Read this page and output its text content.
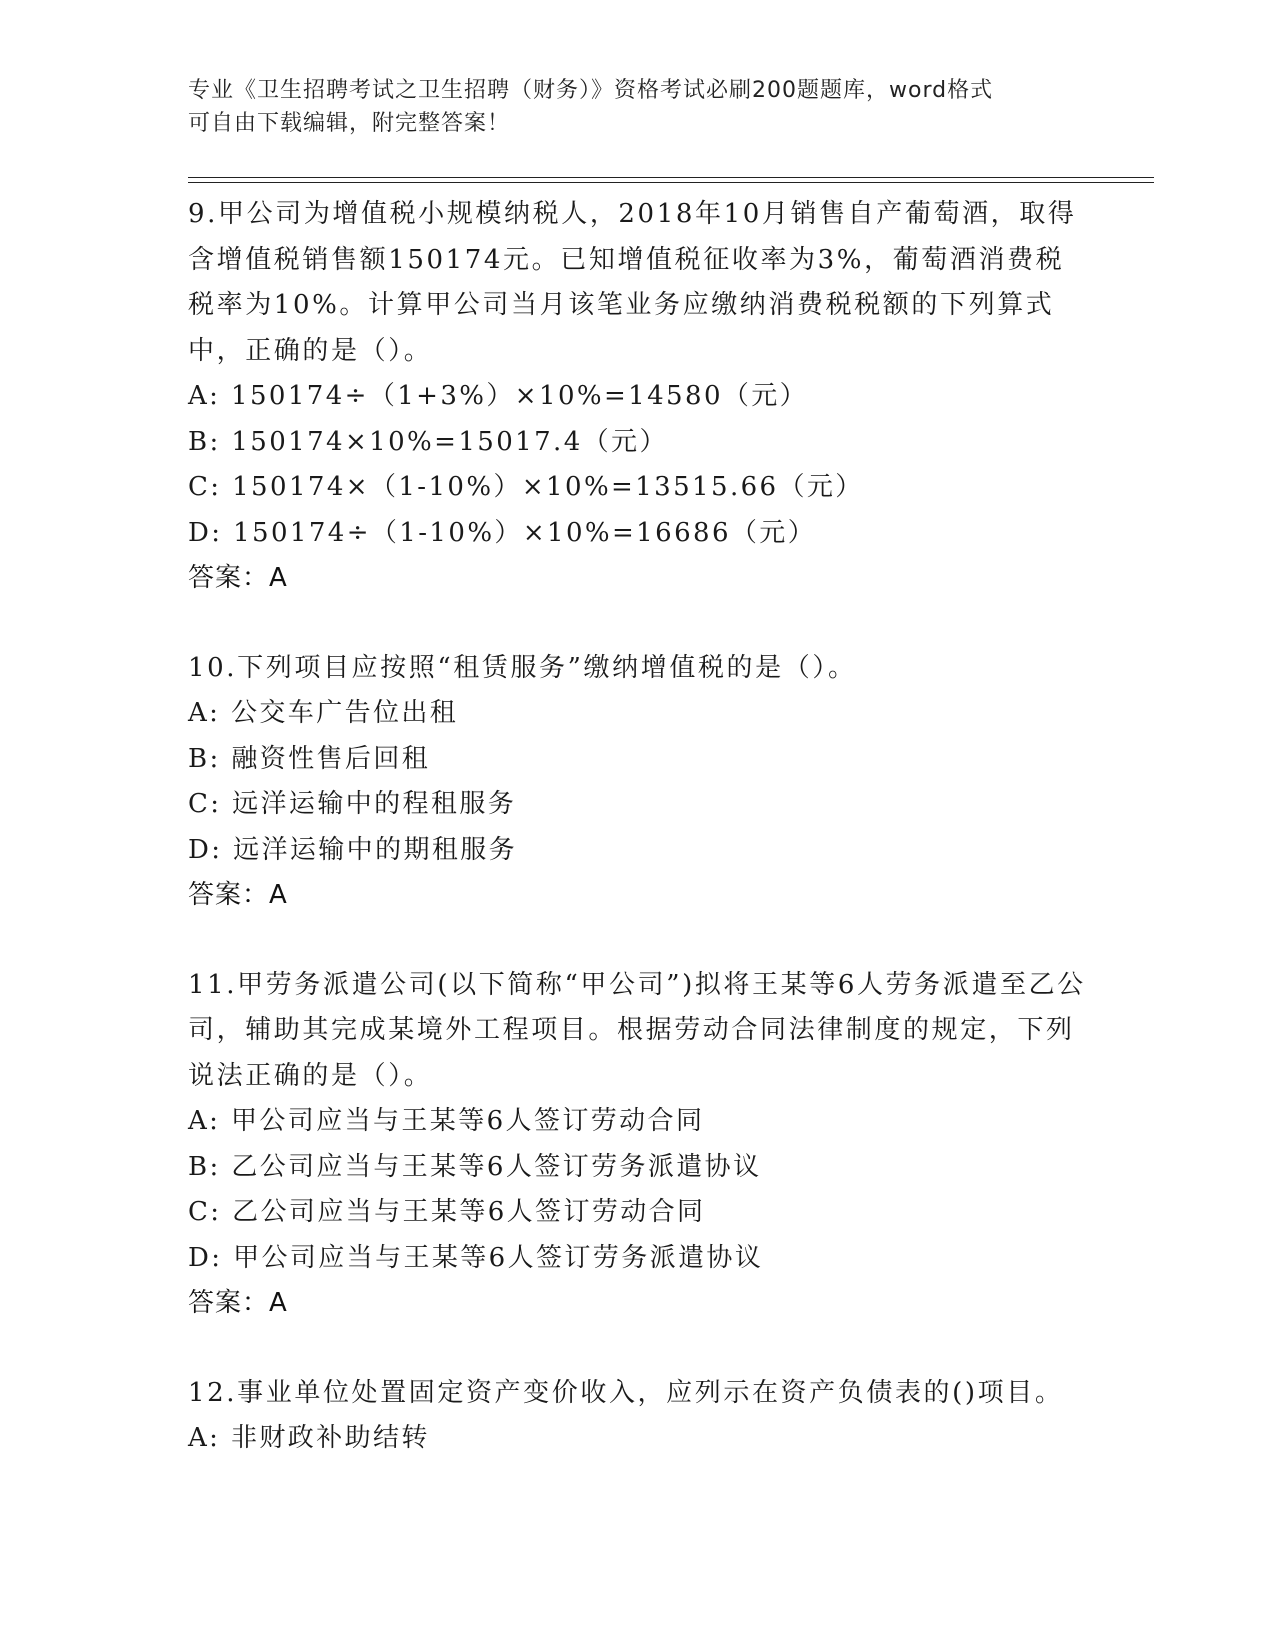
专业《卫生招聘考试之卫生招聘（财务）》资格考试必刷200题题库，word格式
可自由下载编辑，附完整答案！
9.甲公司为增值税小规模纳税人，2018年10月销售自产葡萄酒，取得含增值税销售额150174元。已知增值税征收率为3%，葡萄酒消费税税率为10%。计算甲公司当月该笔业务应缴纳消费税税额的下列算式中，正确的是（）。
A: 150174÷（1+3%）×10%=14580（元）
B: 150174×10%=15017.4（元）
C: 150174×（1-10%）×10%=13515.66（元）
D: 150174÷（1-10%）×10%=16686（元）
答案：A
10.下列项目应按照“租赁服务”缴纳增值税的是（）。
A: 公交车广告位出租
B: 融资性售后回租
C: 远洋运输中的程租服务
D: 远洋运输中的期租服务
答案：A
11.甲劳务派遣公司(以下简称“甲公司”)拟将王某等6人劳务派遣至乙公司，辅助其完成某境外工程项目。根据劳动合同法律制度的规定，下列说法正确的是（）。
A: 甲公司应当与王某等6人签订劳动合同
B: 乙公司应当与王某等6人签订劳务派遣协议
C: 乙公司应当与王某等6人签订劳动合同
D: 甲公司应当与王某等6人签订劳务派遣协议
答案：A
12.事业单位处置固定资产变价收入，应列示在资产负债表的()项目。
A: 非财政补助结转
